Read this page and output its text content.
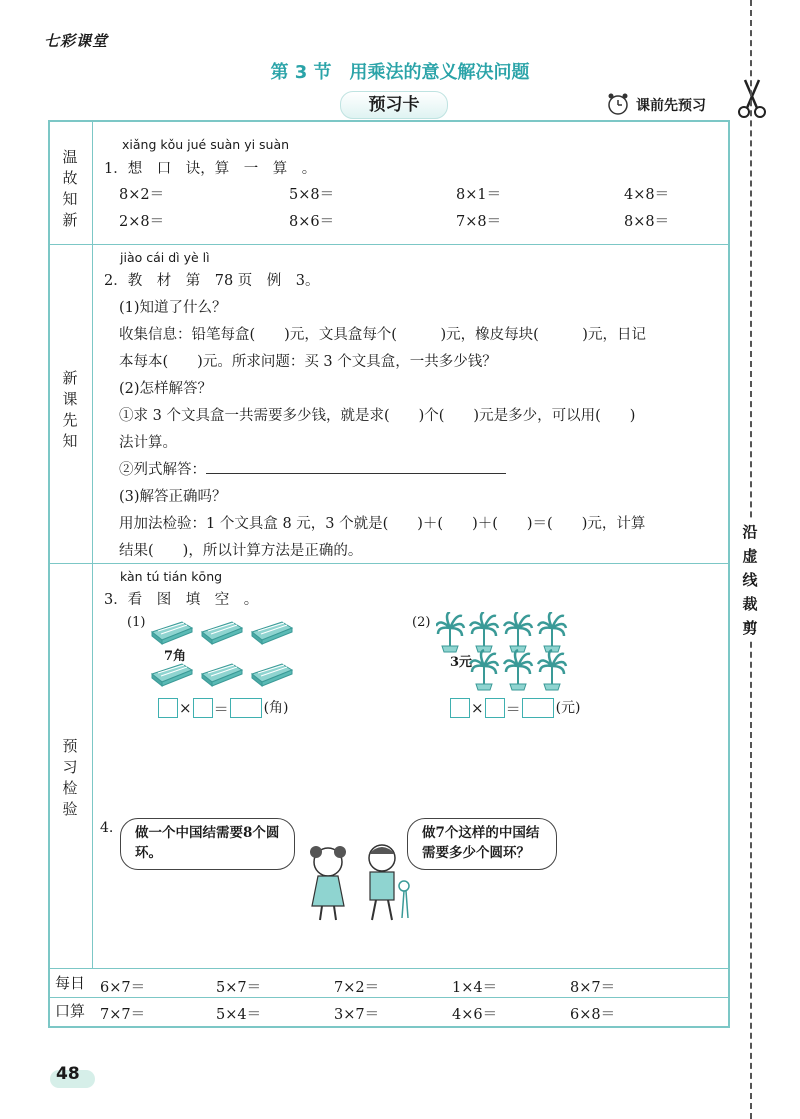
七彩课堂
第 3 节　用乘法的意义解决问题
预习卡	课前先预习
沿虚线裁剪
温
故
知
新
新
课
先
知
预
习
检
验
每日
口算
xiǎng kǒu jué suàn yi suàn
1．想　口　诀，算　一　算　。
8×2＝	5×8＝	8×1＝	4×8＝
2×8＝	8×6＝	7×8＝	8×8＝
jiào cái dì yè lì
2．教　材　第　78 页　例　3。
(1)知道了什么？
收集信息：铅笔每盒(　　)元，文具盒每个(　　　)元，橡皮每块(　　　)元，日记
本每本(　　)元。所求问题：买 3 个文具盒，一共多少钱？
(2)怎样解答？
①求 3 个文具盒一共需要多少钱，就是求(　　)个(　　)元是多少，可以用(　　)
法计算。
②列式解答：
(3)解答正确吗？
用加法检验：1 个文具盒 8 元，3 个就是(　　)＋(　　)＋(　　)＝(　　)元，计算
结果(　　)，所以计算方法是正确的。
kàn tú tián kōng
3．看　图　填　空　。
(1)
7角
× ＝	(角)
(2)
3元
× ＝	(元)
4.	做一个中国结需要8个圆环。
做7个这样的中国结需要多少个圆环？
6×7＝	5×7＝	7×2＝	1×4＝	8×7＝
7×7＝	5×4＝	3×7＝	4×6＝	6×8＝
48
